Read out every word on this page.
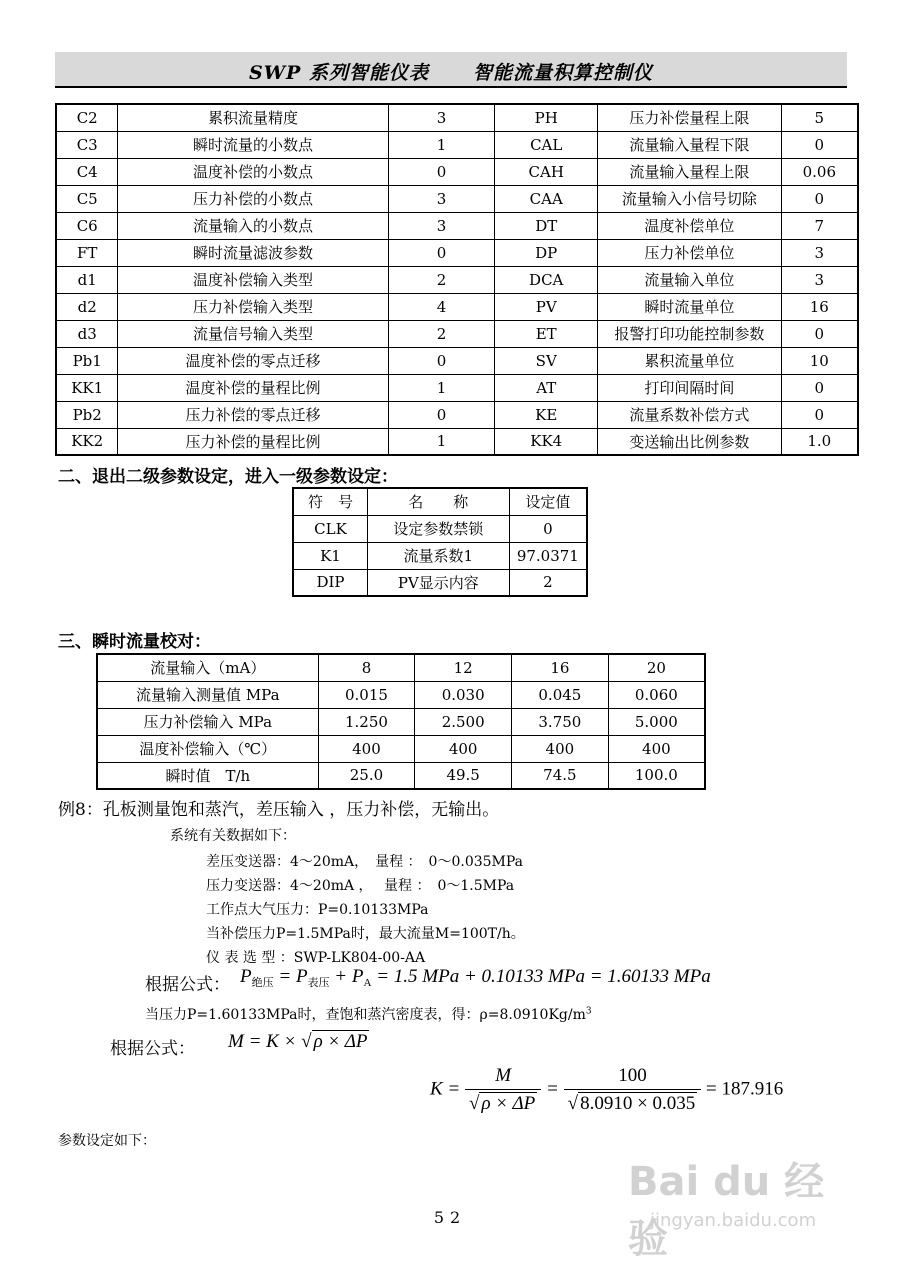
SWP 系列智能仪表 智能流量积算控制仪
C2	累积流量精度	3	PH	压力补偿量程上限	5
C3	瞬时流量的小数点	1	CAL	流量输入量程下限	0
C4	温度补偿的小数点	0	CAH	流量输入量程上限	0.06
C5	压力补偿的小数点	3	CAA	流量输入小信号切除	0
C6	流量输入的小数点	3	DT	温度补偿单位	7
FT	瞬时流量滤波参数	0	DP	压力补偿单位	3
d1	温度补偿输入类型	2	DCA	流量输入单位	3
d2	压力补偿输入类型	4	PV	瞬时流量单位	16
d3	流量信号输入类型	2	ET	报警打印功能控制参数	0
Pb1	温度补偿的零点迁移	0	SV	累积流量单位	10
KK1	温度补偿的量程比例	1	AT	打印间隔时间	0
Pb2	压力补偿的零点迁移	0	KE	流量系数补偿方式	0
KK2	压力补偿的量程比例	1	KK4	变送输出比例参数	1.0
二、退出二级参数设定，进入一级参数设定：
符　号	名　　称	设定值
CLK	设定参数禁锁	0
K1	流量系数1	97.0371
DIP	PV显示内容	2
三、瞬时流量校对：
流量输入（mA）	8	12	16	20
流量输入测量值 MPa	0.015	0.030	0.045	0.060
压力补偿输入 MPa	1.250	2.500	3.750	5.000
温度补偿输入（℃）	400	400	400	400
瞬时值　T/h	25.0	49.5	74.5	100.0
例8：孔板测量饱和蒸汽，差压输入 ，压力补偿，无输出。
系统有关数据如下：
差压变送器：4～20mA，　量程 ：　0～0.035MPa
压力变送器：4～20mA ，　 量程 ：　0～1.5MPa
工作点大气压力：P=0.10133MPa
当补偿压力P=1.5MPa时，最大流量M=100T/h。
仪 表 选 型 ：SWP-LK804-00-AA
根据公式： $P_{绝压} = P_{表压} + P_A = 1.5$ MPa + 0.10133 MPa = 1.60133 MPa
当压力P=1.60133MPa时，查饱和蒸汽密度表，得：$\rho=8.0910Kg/m^3$
根据公式： M = K × √ ρ × ΔP
$K = \frac{M}{√ \rho \times \Delta P} = \frac{100}{√ 8.0910 \times 0.035} = 187.916$
参数设定如下：
52
Bai du 经验
jingyan.baidu.com
